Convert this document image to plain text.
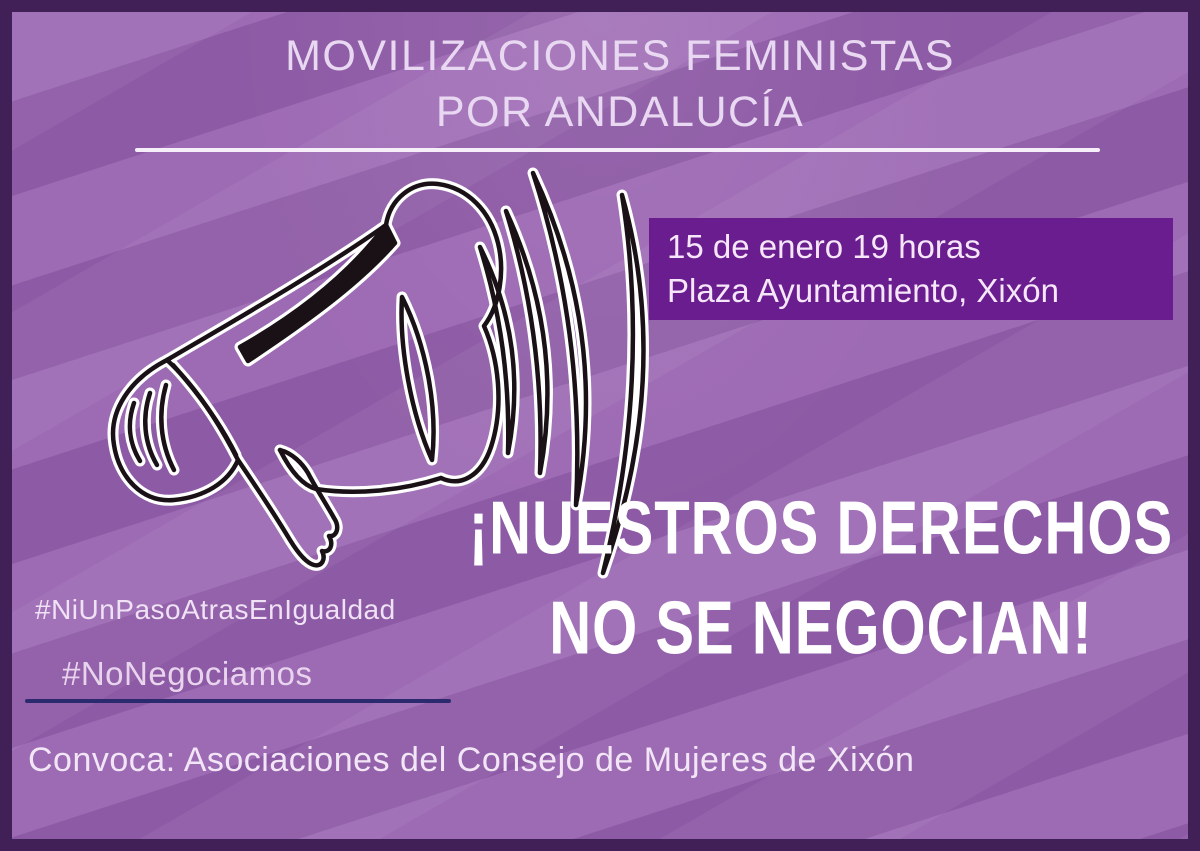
MOVILIZACIONES FEMINISTAS
POR ANDALUCÍA
15 de enero 19 horas
Plaza Ayuntamiento, Xixón
¡NUESTROS DERECHOS
NO SE NEGOCIAN!
#NiUnPasoAtrasEnIgualdad
#NoNegociamos
Convoca: Asociaciones del Consejo de Mujeres de Xixón
